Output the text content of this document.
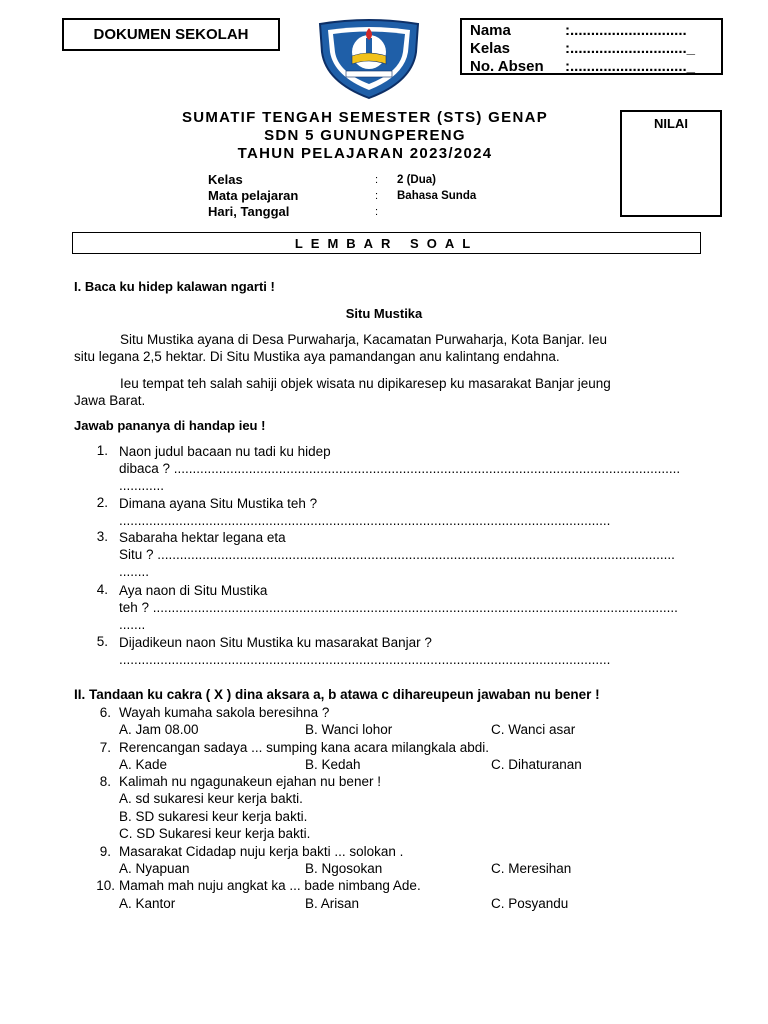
DOKUMEN SEKOLAH	Nama	:............................
Kelas	:............................_
No. Absen	:............................_
SUMATIF TENGAH SEMESTER (STS) GENAP
SDN 5 GUNUNGPERENG
TAHUN PELAJARAN 2023/2024
NILAI
Kelas	:	2 (Dua)
Mata pelajaran	:	Bahasa Sunda
Hari, Tanggal	:
LEMBAR SOAL
I. Baca ku hidep kalawan ngarti !
Situ Mustika
Situ Mustika ayana di Desa Purwaharja, Kacamatan Purwaharja, Kota Banjar. Ieu
situ legana 2,5 hektar. Di Situ Mustika aya pamandangan anu kalintang endahna.
Ieu tempat teh salah sahiji objek wisata nu dipikaresep ku masarakat Banjar jeung
Jawa Barat.
Jawab pananya di handap ieu !
1. Naon judul bacaan nu tadi ku hidep
dibaca ? .......................................................................................................................................
............
2. Dimana ayana Situ Mustika teh ?
...................................................................................................................................
3. Sabaraha hektar legana eta
Situ ? ..........................................................................................................................................
........
4. Aya naon di Situ Mustika
teh ? ............................................................................................................................................
.......
5. Dijadikeun naon Situ Mustika ku masarakat Banjar ?
...................................................................................................................................
II. Tandaan ku cakra ( X ) dina aksara a, b atawa c dihareupeun jawaban nu bener !
6. Wayah kumaha sakola beresihna ?
A. Jam 08.00	B. Wanci lohor	C. Wanci asar
7. Rerencangan sadaya ... sumping kana acara milangkala abdi.
A. Kade	B. Kedah	C. Dihaturanan
8. Kalimah nu ngagunakeun ejahan nu bener !
A. sd sukaresi keur kerja bakti.
B. SD sukaresi keur kerja bakti.
C. SD Sukaresi keur kerja bakti.
9. Masarakat Cidadap nuju kerja bakti ... solokan .
A. Nyapuan	B. Ngosokan	C. Meresihan
10. Mamah mah nuju angkat ka ... bade nimbang Ade.
A. Kantor	B. Arisan	C. Posyandu
